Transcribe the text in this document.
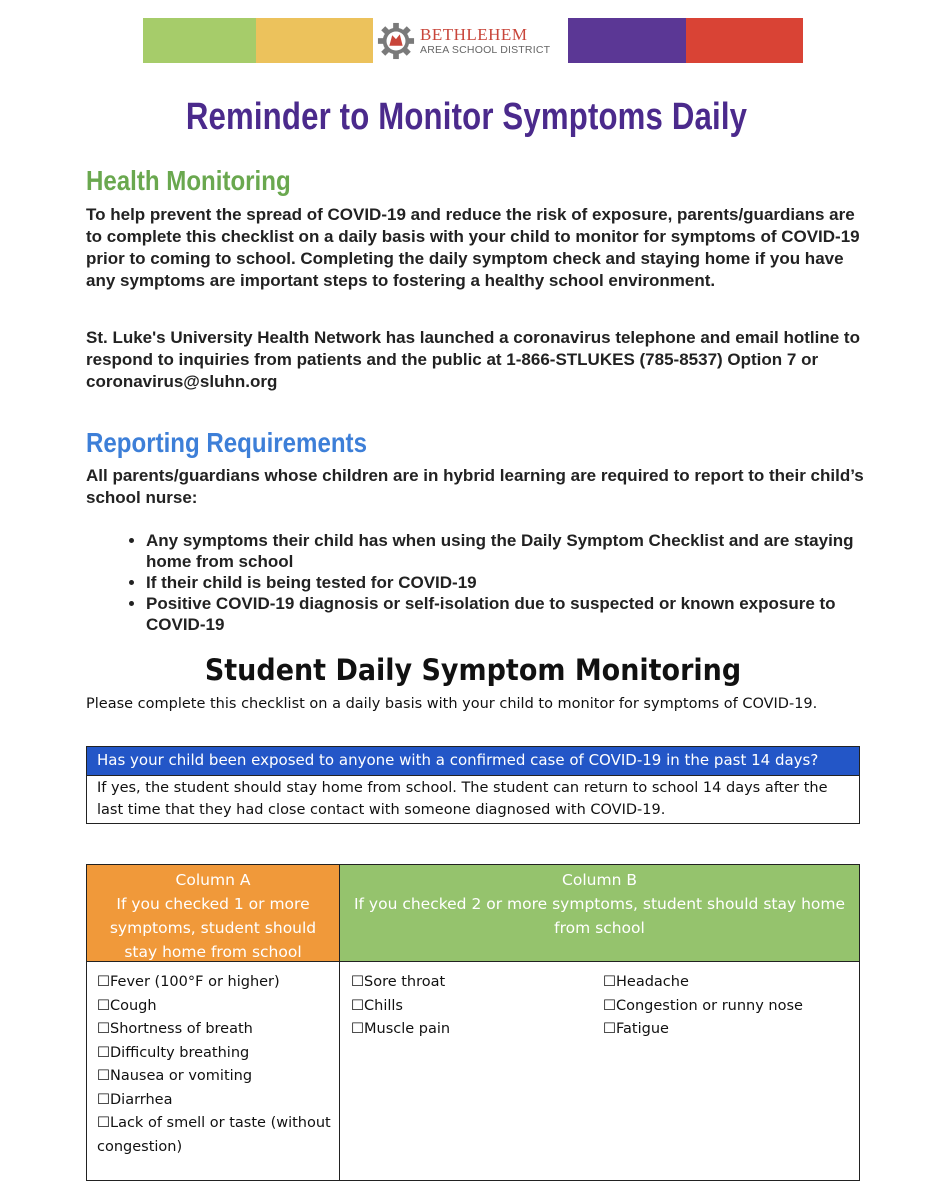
BETHLEHEM
AREA SCHOOL DISTRICT
Reminder to Monitor Symptoms Daily
Health Monitoring

To help prevent the spread of COVID-19 and reduce the risk of exposure, parents/guardians are to complete this checklist on a daily basis with your child to monitor for symptoms of COVID-19 prior to coming to school. Completing the daily symptom check and staying home if you have any symptoms are important steps to fostering a healthy school environment.

St. Luke's University Health Network has launched a coronavirus telephone and email hotline to respond to inquiries from patients and the public at 1-866-STLUKES (785-8537) Option 7 or coronavirus@sluhn.org

Reporting Requirements

All parents/guardians whose children are in hybrid learning are required to report to their child’s school nurse:

• Any symptoms their child has when using the Daily Symptom Checklist and are staying home from school
• If their child is being tested for COVID-19
• Positive COVID-19 diagnosis or self-isolation due to suspected or known exposure to COVID-19
Student Daily Symptom Monitoring

Please complete this checklist on a daily basis with your child to monitor for symptoms of COVID-19.

Has your child been exposed to anyone with a confirmed case of COVID-19 in the past 14 days?
If yes, the student should stay home from school. The student can return to school 14 days after the last time that they had close contact with someone diagnosed with COVID-19.
Column A
If you checked 1 or more symptoms, student should stay home from school
Column B
If you checked 2 or more symptoms, student should stay home from school
☐Fever (100°F or higher)
☐Cough
☐Shortness of breath
☐Difficulty breathing
☐Nausea or vomiting
☐Diarrhea
☐Lack of smell or taste (without congestion)
☐Sore throat
☐Chills
☐Muscle pain
☐Headache
☐Congestion or runny nose
☐Fatigue
